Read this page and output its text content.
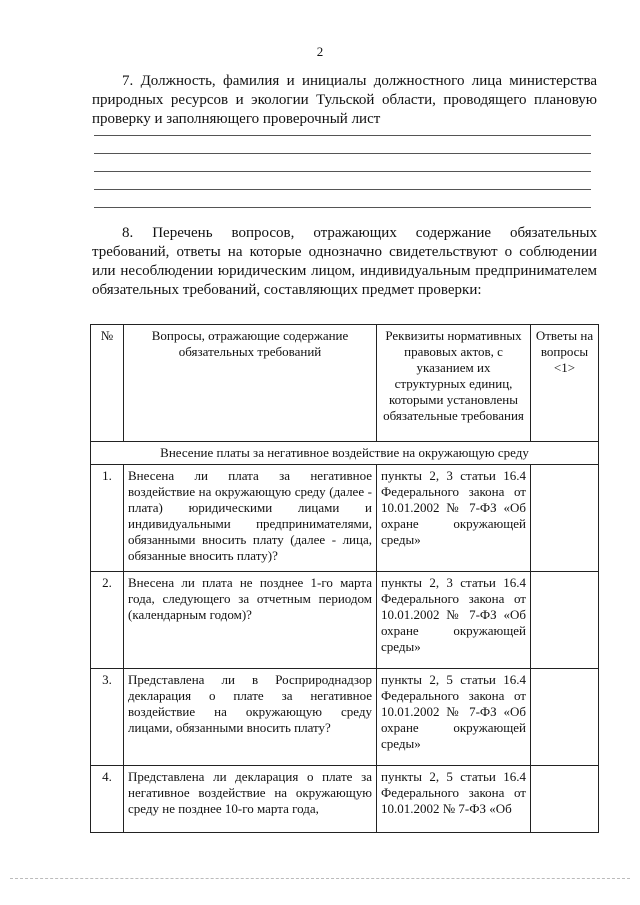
2
7. Должность, фамилия и инициалы должностного лица министерства природных ресурсов и экологии Тульской области, проводящего плановую проверку и заполняющего проверочный лист
8. Перечень вопросов, отражающих содержание обязательных требований, ответы на которые однозначно свидетельствуют о соблюдении или несоблюдении юридическим лицом, индивидуальным предпринимателем обязательных требований, составляющих предмет проверки:
№	Вопросы, отражающие содержание обязательных требований	Реквизиты нормативных правовых актов, с указанием их структурных единиц, которыми установлены обязательные требования	Ответы на вопросы <1>
Внесение платы за негативное воздействие на окружающую среду			
1.	Внесена ли плата за негативное воздействие на окружающую среду (далее - плата) юридическими лицами и индивидуальными предпринимателями, обязанными вносить плату (далее - лица, обязанные вносить плату)?	пункты 2, 3 статьи 16.4 Федерального закона от 10.01.2002 № 7-ФЗ «Об охране окружающей среды»	
2.	Внесена ли плата не позднее 1-го марта года, следующего за отчетным периодом (календарным годом)?	пункты 2, 3 статьи 16.4 Федерального закона от 10.01.2002 № 7-ФЗ «Об охране окружающей среды»	
3.	Представлена ли в Росприроднадзор декларация о плате за негативное воздействие на окружающую среду лицами, обязанными вносить плату?	пункты 2, 5 статьи 16.4 Федерального закона от 10.01.2002 № 7-ФЗ «Об охране окружающей среды»	
4.	Представлена ли декларация о плате за негативное воздействие на окружающую среду не позднее 10-го марта года,	пункты 2, 5 статьи 16.4 Федерального закона от 10.01.2002 № 7-ФЗ «Об	
